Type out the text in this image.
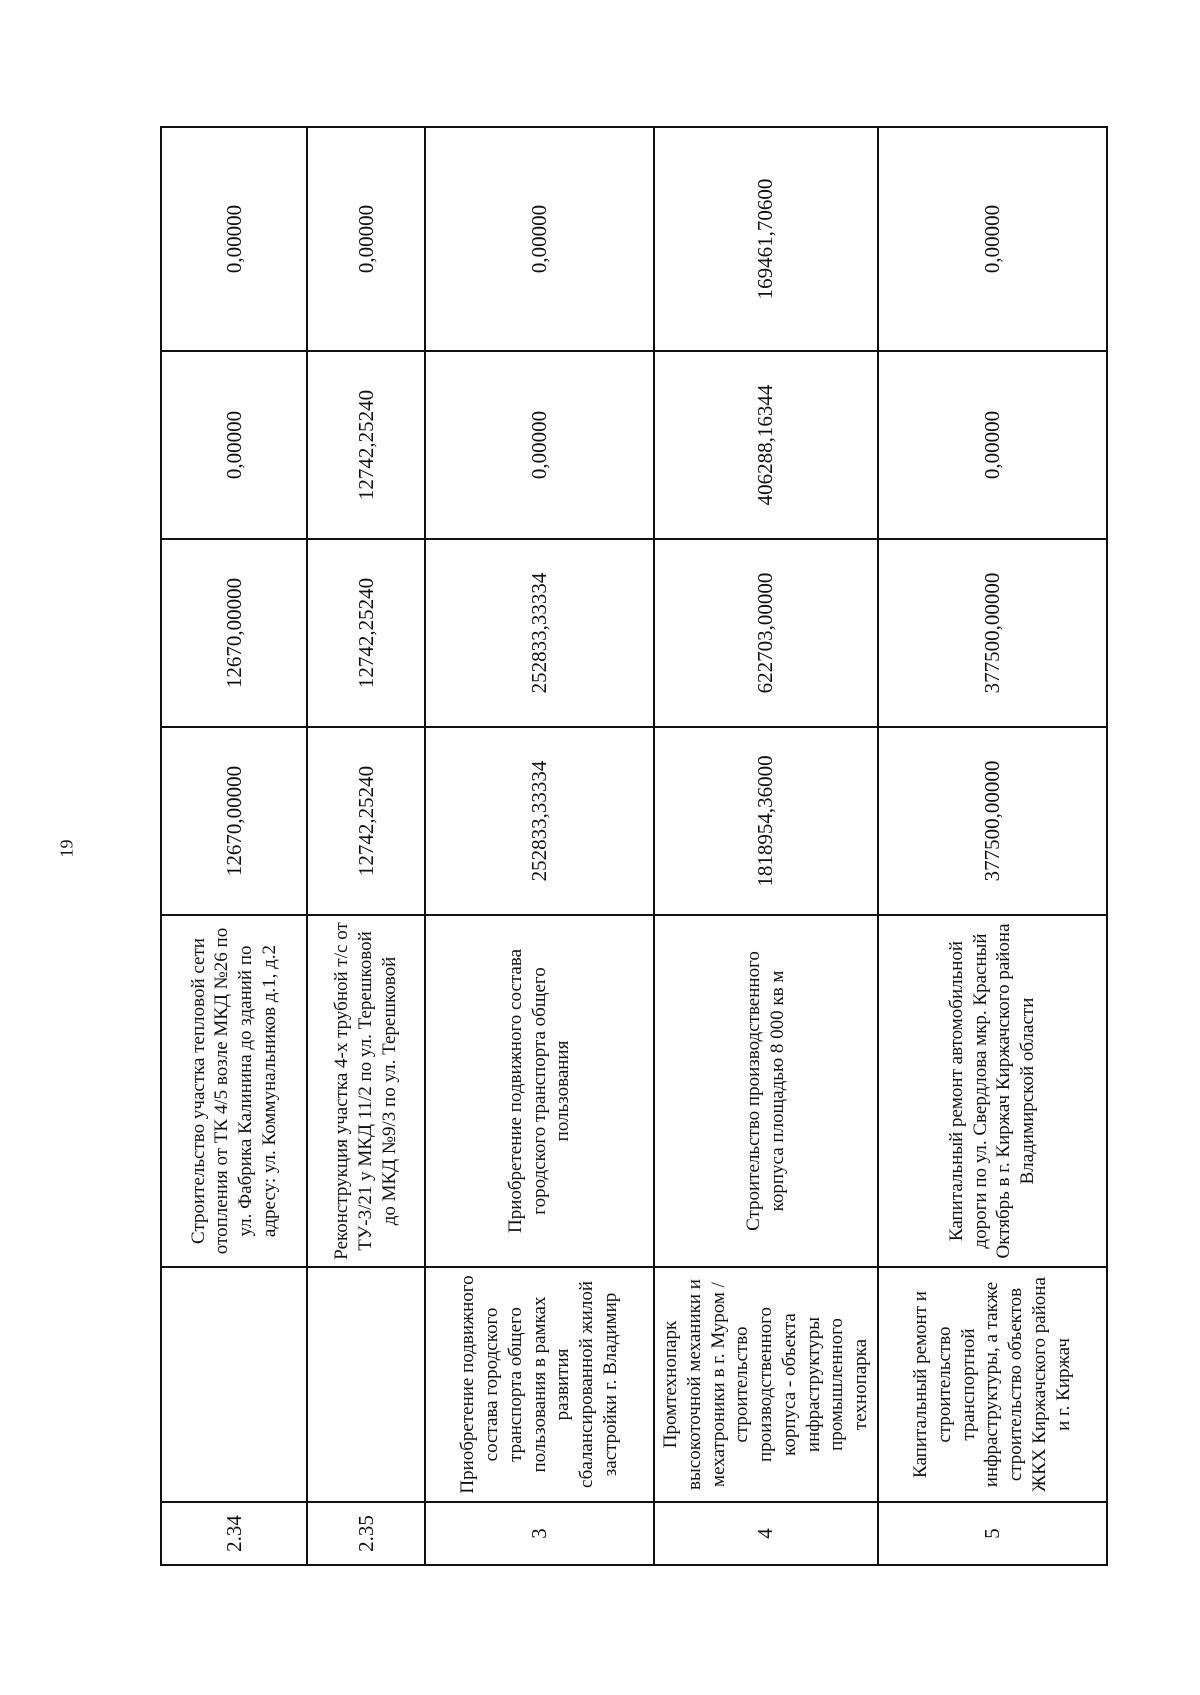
19
2.34		Строительство участка тепловой сети отопления от ТК 4/5 возле МКД №26 по ул. Фабрика Калинина до зданий по адресу: ул. Коммунальников д.1, д.2	12670,00000	12670,00000	0,00000	0,00000
2.35		Реконструкция участка 4-х трубной т/с от ТУ-3/21 у МКД 11/2 по ул. Терешковой до МКД №9/3 по ул. Терешковой	12742,25240	12742,25240	12742,25240	0,00000
3	Приобретение подвижного состава городского транспорта общего пользования в рамках развития сбалансированной жилой застройки г. Владимир	Приобретение подвижного состава городского транспорта общего пользования	252833,33334	252833,33334	0,00000	0,00000
4	Промтехнопарк высокоточной механики и мехатроники в г. Муром / строительство производственного корпуса - объекта инфраструктуры промышленного технопарка	Строительство производственного корпуса площадью 8 000 кв м	1818954,36000	622703,00000	406288,16344	169461,70600
5	Капитальный ремонт и строительство транспортной инфраструктуры, а также строительство объектов ЖКХ Киржачского района и г. Киржач	Капитальный ремонт автомобильной дороги по ул. Свердлова мкр. Красный Октябрь в г. Киржач Киржачского района Владимирской области	377500,00000	377500,00000	0,00000	0,00000
